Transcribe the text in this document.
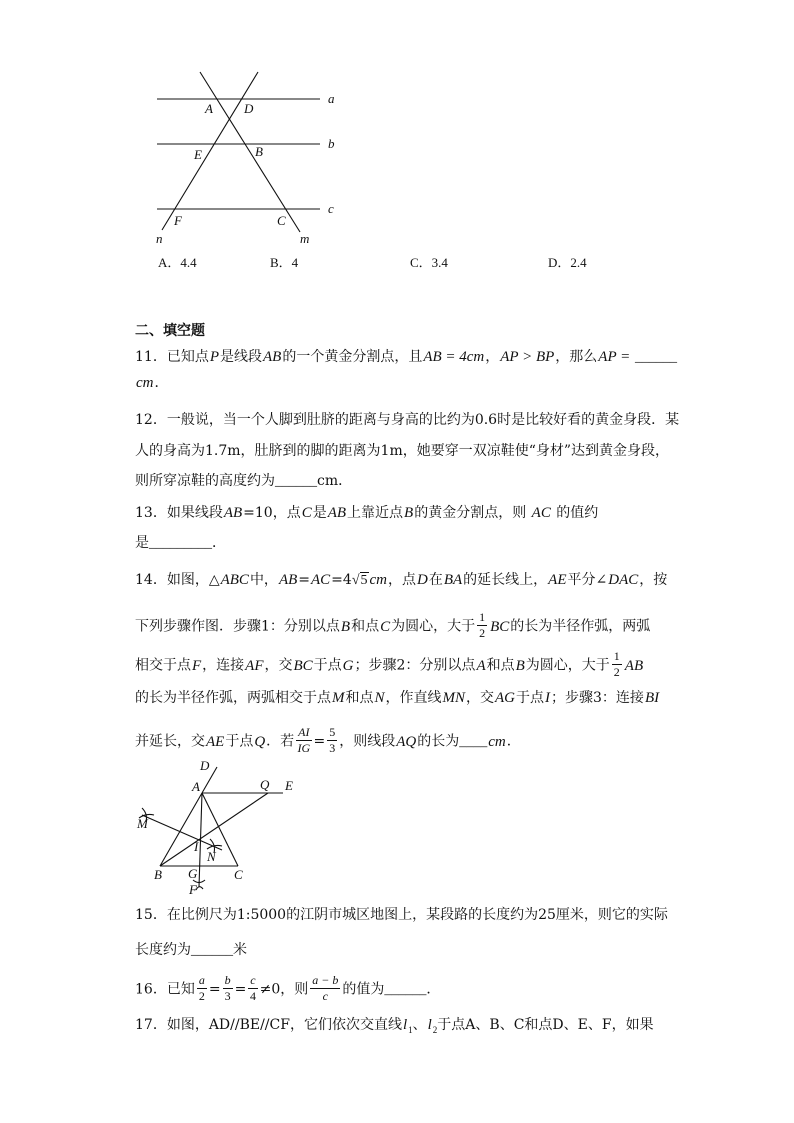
a
b
c
n	m
A D
E	B
F	C
A．4.4	B．4	C．3.4	D．2.4
二、填空题
11．已知点P是线段AB的一个黄金分割点，且AB = 4cm，AP > BP，那么AP = ______
cm．
12．一般说，当一个人脚到肚脐的距离与身高的比约为0.6时是比较好看的黄金身段．某
人的身高为1.7m，肚脐到的脚的距离为1m，她要穿一双凉鞋使“身材”达到黄金身段，
则所穿凉鞋的高度约为______cm．
13．如果线段AB=10，点C是AB上靠近点B的黄金分割点，则 AC 的值约
是_________．
14．如图，△ABC中，AB=AC=4√5 cm，点D在BA的延长线上，AE平分∠DAC，按
下列步骤作图．步骤1：分别以点B和点C为圆心，大于 $\frac{1}{2}$ BC的长为半径作弧，两弧
相交于点F，连接AF，交BC于点G；步骤2：分别以点A和点B为圆心，大于 $\frac{1}{2}$ AB
的长为半径作弧，两弧相交于点M和点N，作直线MN，交AG于点I；步骤3：连接BI
并延长，交AE于点Q．若 $\frac{AI}{IG} = \frac{5}{3}$ ，则线段AQ的长为____cm．
D
A	Q E
M
I
N
B G	C
F
15．在比例尺为1:5000的江阴市城区地图上，某段路的长度约为25厘米，则它的实际
长度约为______米
16．已知 $\frac{a}{2} = \frac{b}{3} = \frac{c}{4} \ne 0$，则 $\frac{a - b}{c}$ 的值为______．
17．如图，AD//BE//CF，它们依次交直线$l_1$、$l_2$于点A、B、C和点D、E、F，如果
